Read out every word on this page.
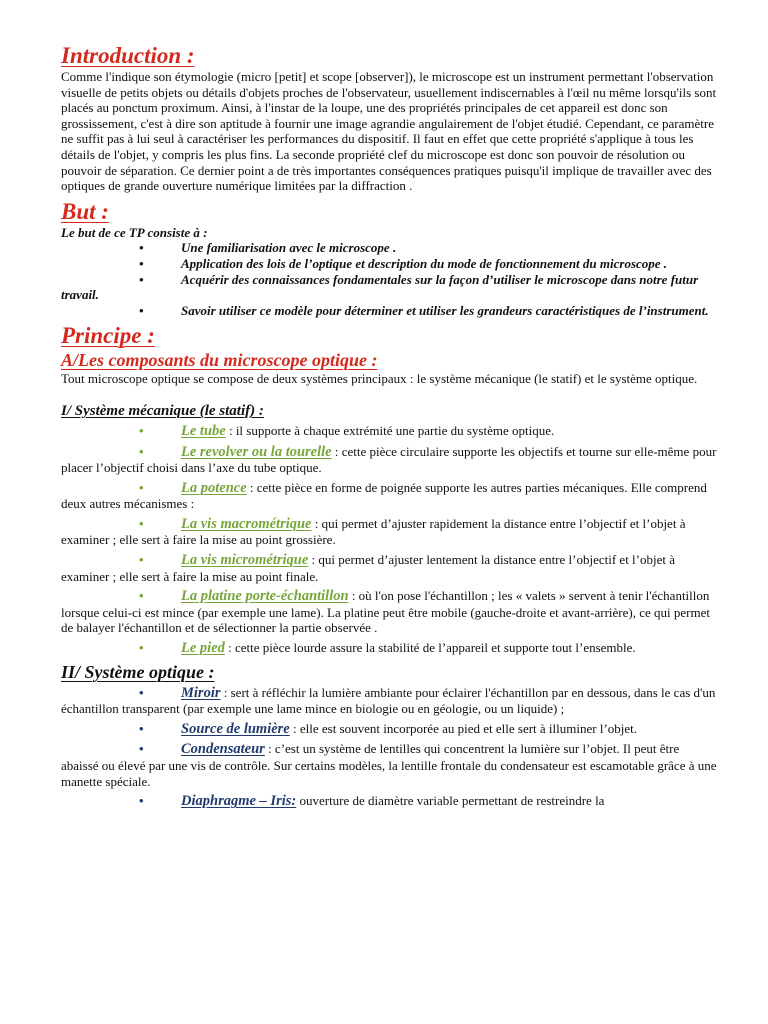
Introduction :

Comme l'indique son étymologie (micro [petit] et scope [observer]), le microscope est un instrument permettant l'observation visuelle de petits objets ou détails d'objets proches de l'observateur, usuellement indiscernables à l'œil nu même lorsqu'ils sont placés au ponctum proximum. Ainsi, à l'instar de la loupe, une des propriétés principales de cet appareil est donc son grossissement, c'est à dire son aptitude à fournir une image agrandie angulairement de l'objet étudié. Cependant, ce paramètre ne suffit pas à lui seul à caractériser les performances du dispositif. Il faut en effet que cette propriété s'applique à tous les détails de l'objet, y compris les plus fins. La seconde propriété clef du microscope est donc son pouvoir de résolution ou pouvoir de séparation. Ce dernier point a de très importantes conséquences pratiques puisqu'il implique de travailler avec des optiques de grande ouverture numérique limitées par la diffraction .

But :

Le but de ce TP consiste à :

•	Une familiarisation avec le microscope .

•	Application des lois de l’optique et description du mode de fonctionnement du microscope .

•	Acquérir des connaissances fondamentales sur la façon d’utiliser le microscope dans notre futur travail.

•	Savoir utiliser ce modèle pour déterminer et utiliser les grandeurs caractéristiques de l’instrument.

Principe :
A/Les composants du microscope optique :

Tout microscope optique se compose de deux systèmes principaux : le système mécanique (le statif) et le système optique.

I/ Système mécanique (le statif) :

•	Le tube : il supporte à chaque extrémité une partie du système optique.

•	Le revolver ou la tourelle : cette pièce circulaire supporte les objectifs et tourne sur elle-même pour placer l’objectif choisi dans l’axe du tube optique.

•	La potence : cette pièce en forme de poignée supporte les autres parties mécaniques. Elle comprend deux autres mécanismes :

•	La vis macrométrique : qui permet d’ajuster rapidement la distance entre l’objectif et l’objet à examiner ; elle sert à faire la mise au point grossière.

•	La vis micrométrique : qui permet d’ajuster lentement la distance entre l’objectif et l’objet à examiner ; elle sert à faire la mise au point finale.

•	La platine porte-échantillon : où l'on pose l'échantillon ; les « valets » servent à tenir l'échantillon lorsque celui-ci est mince (par exemple une lame). La platine peut être mobile (gauche-droite et avant-arrière), ce qui permet de balayer l'échantillon et de sélectionner la partie observée .

•	Le pied : cette pièce lourde assure la stabilité de l’appareil et supporte tout l’ensemble.

II/ Système optique :

•	Miroir : sert à réfléchir la lumière ambiante pour éclairer l'échantillon par en dessous, dans le cas d'un échantillon transparent (par exemple une lame mince en biologie ou en géologie, ou un liquide) ;

•	Source de lumière : elle est souvent incorporée au pied et elle sert à illuminer l’objet.

•	Condensateur : c’est un système de lentilles qui concentrent la lumière sur l’objet. Il peut être abaissé ou élevé par une vis de contrôle. Sur certains modèles, la lentille frontale du condensateur est escamotable grâce à une manette spéciale.

•	Diaphragme – Iris: ouverture de diamètre variable permettant de restreindre la
